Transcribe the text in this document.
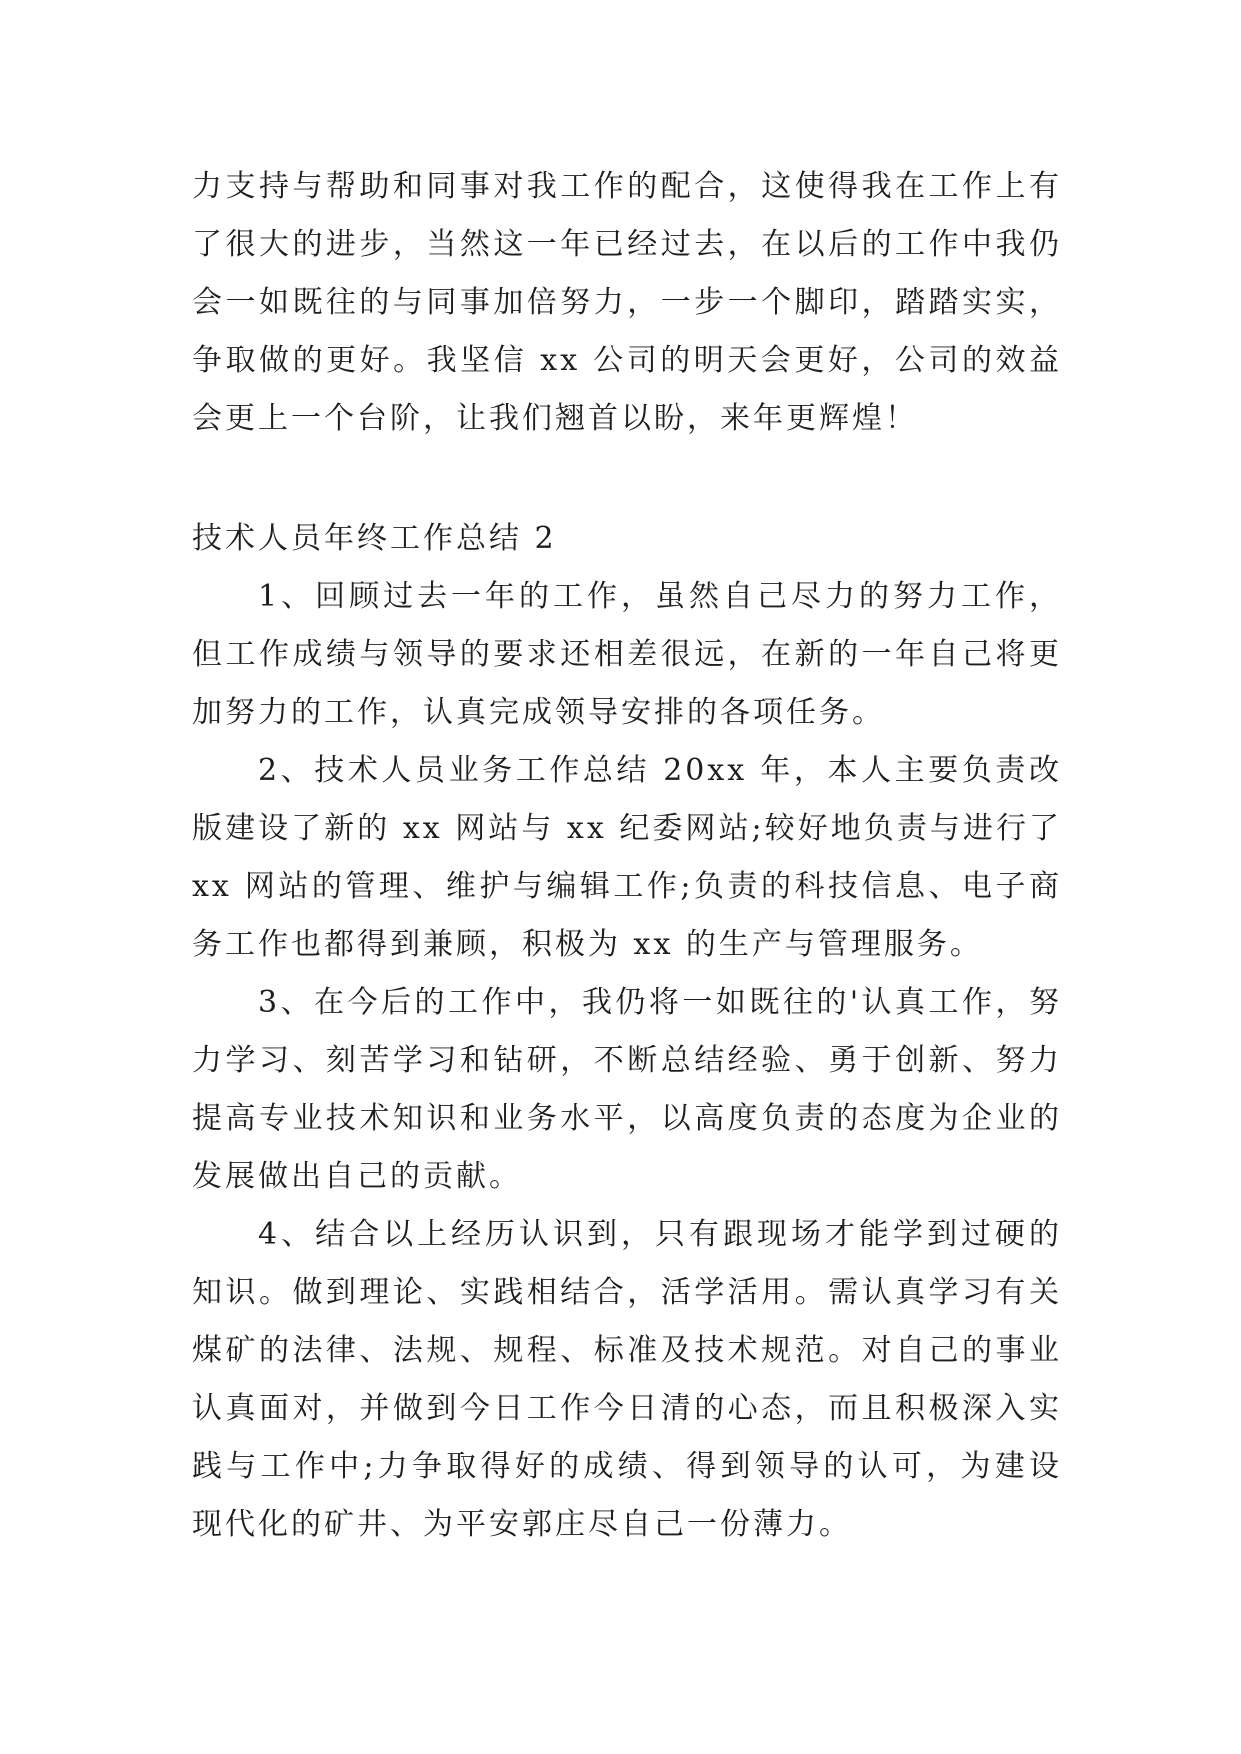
力支持与帮助和同事对我工作的配合，这使得我在工作上有了很大的进步，当然这一年已经过去，在以后的工作中我仍会一如既往的与同事加倍努力，一步一个脚印，踏踏实实，争取做的更好。我坚信 xx 公司的明天会更好，公司的效益会更上一个台阶，让我们翘首以盼，来年更辉煌！

技术人员年终工作总结 2

1、回顾过去一年的工作，虽然自己尽力的努力工作，但工作成绩与领导的要求还相差很远，在新的一年自己将更加努力的工作，认真完成领导安排的各项任务。

2、技术人员业务工作总结 20xx 年，本人主要负责改版建设了新的 xx 网站与 xx 纪委网站;较好地负责与进行了 xx 网站的管理、维护与编辑工作;负责的科技信息、电子商务工作也都得到兼顾，积极为 xx 的生产与管理服务。

3、在今后的工作中，我仍将一如既往的'认真工作，努力学习、刻苦学习和钻研，不断总结经验、勇于创新、努力提高专业技术知识和业务水平，以高度负责的态度为企业的发展做出自己的贡献。

4、结合以上经历认识到，只有跟现场才能学到过硬的知识。做到理论、实践相结合，活学活用。需认真学习有关煤矿的法律、法规、规程、标准及技术规范。对自己的事业认真面对，并做到今日工作今日清的心态，而且积极深入实践与工作中;力争取得好的成绩、得到领导的认可，为建设现代化的矿井、为平安郭庄尽自己一份薄力。
